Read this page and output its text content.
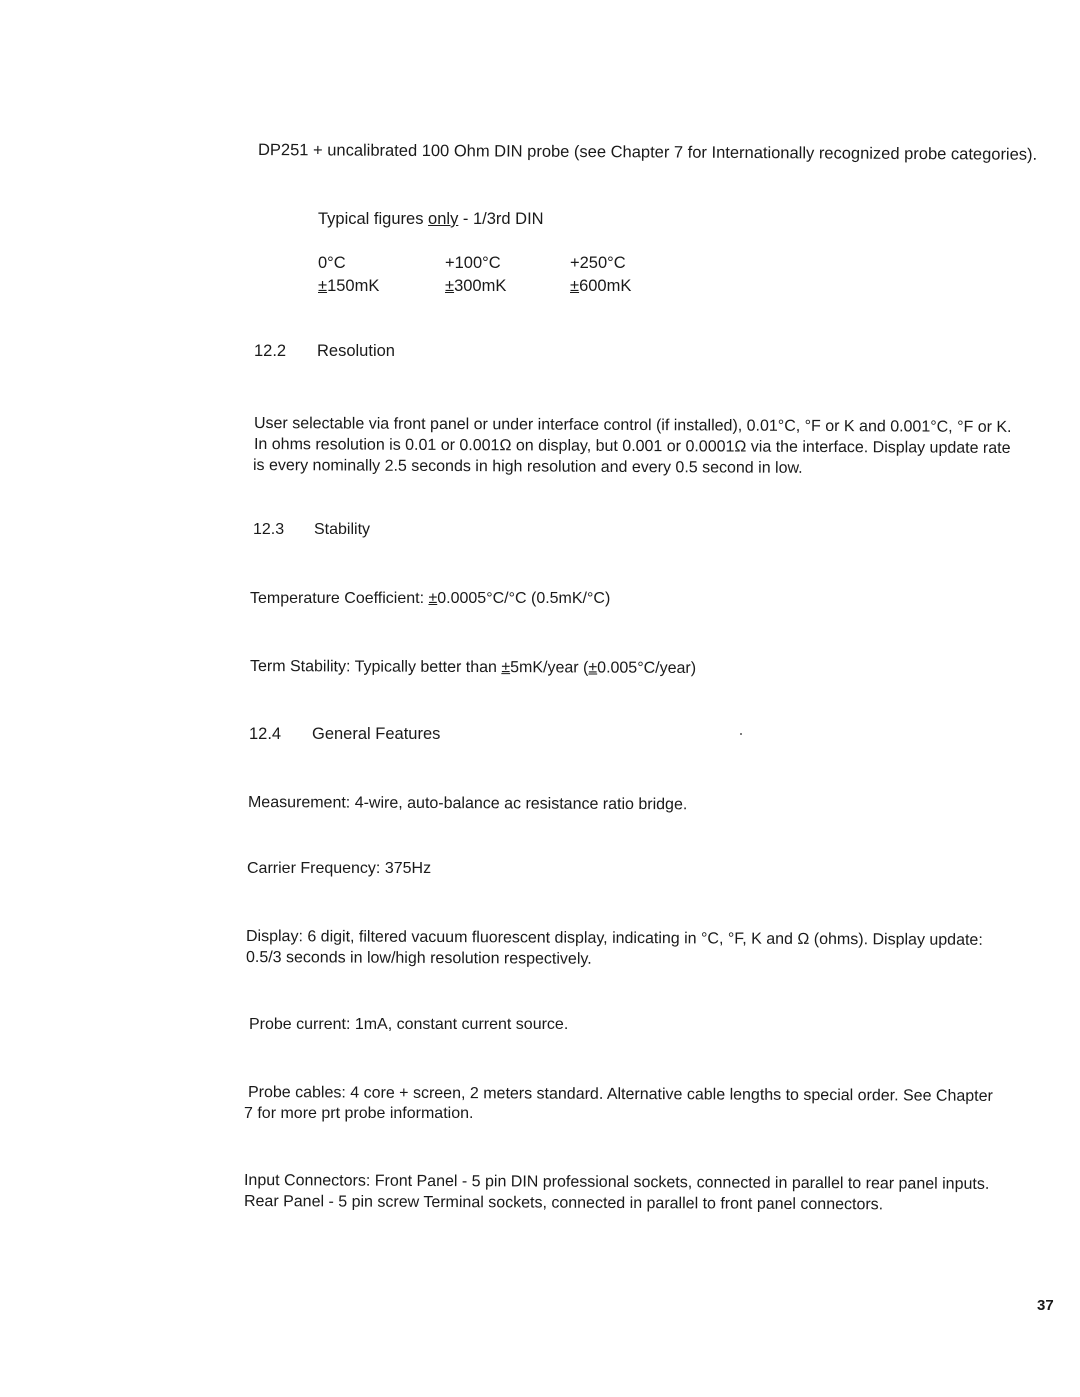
DP251 + uncalibrated 100 Ohm DIN probe (see Chapter 7 for Internationally recognized probe categories).
Typical figures only - 1/3rd DIN
0°C	+100°C	+250°C
±150mK	±300mK	±600mK
12.2 Resolution
User selectable via front panel or under interface control (if installed), 0.01°C, °F or K and 0.001°C, °F or K.
In ohms resolution is 0.01 or 0.001Ω on display, but 0.001 or 0.0001Ω via the interface. Display update rate
is every nominally 2.5 seconds in high resolution and every 0.5 second in low.
12.3 Stability
Temperature Coefficient: ±0.0005°C/°C (0.5mK/°C)
Term Stability: Typically better than ±5mK/year (±0.005°C/year)
12.4 General Features
Measurement: 4-wire, auto-balance ac resistance ratio bridge.
Carrier Frequency: 375Hz
Display: 6 digit, filtered vacuum fluorescent display, indicating in °C, °F, K and Ω (ohms). Display update:
0.5/3 seconds in low/high resolution respectively.
Probe current: 1mA, constant current source.
Probe cables: 4 core + screen, 2 meters standard. Alternative cable lengths to special order. See Chapter
7 for more prt probe information.
Input Connectors: Front Panel - 5 pin DIN professional sockets, connected in parallel to rear panel inputs.
Rear Panel - 5 pin screw Terminal sockets, connected in parallel to front panel connectors.
37
